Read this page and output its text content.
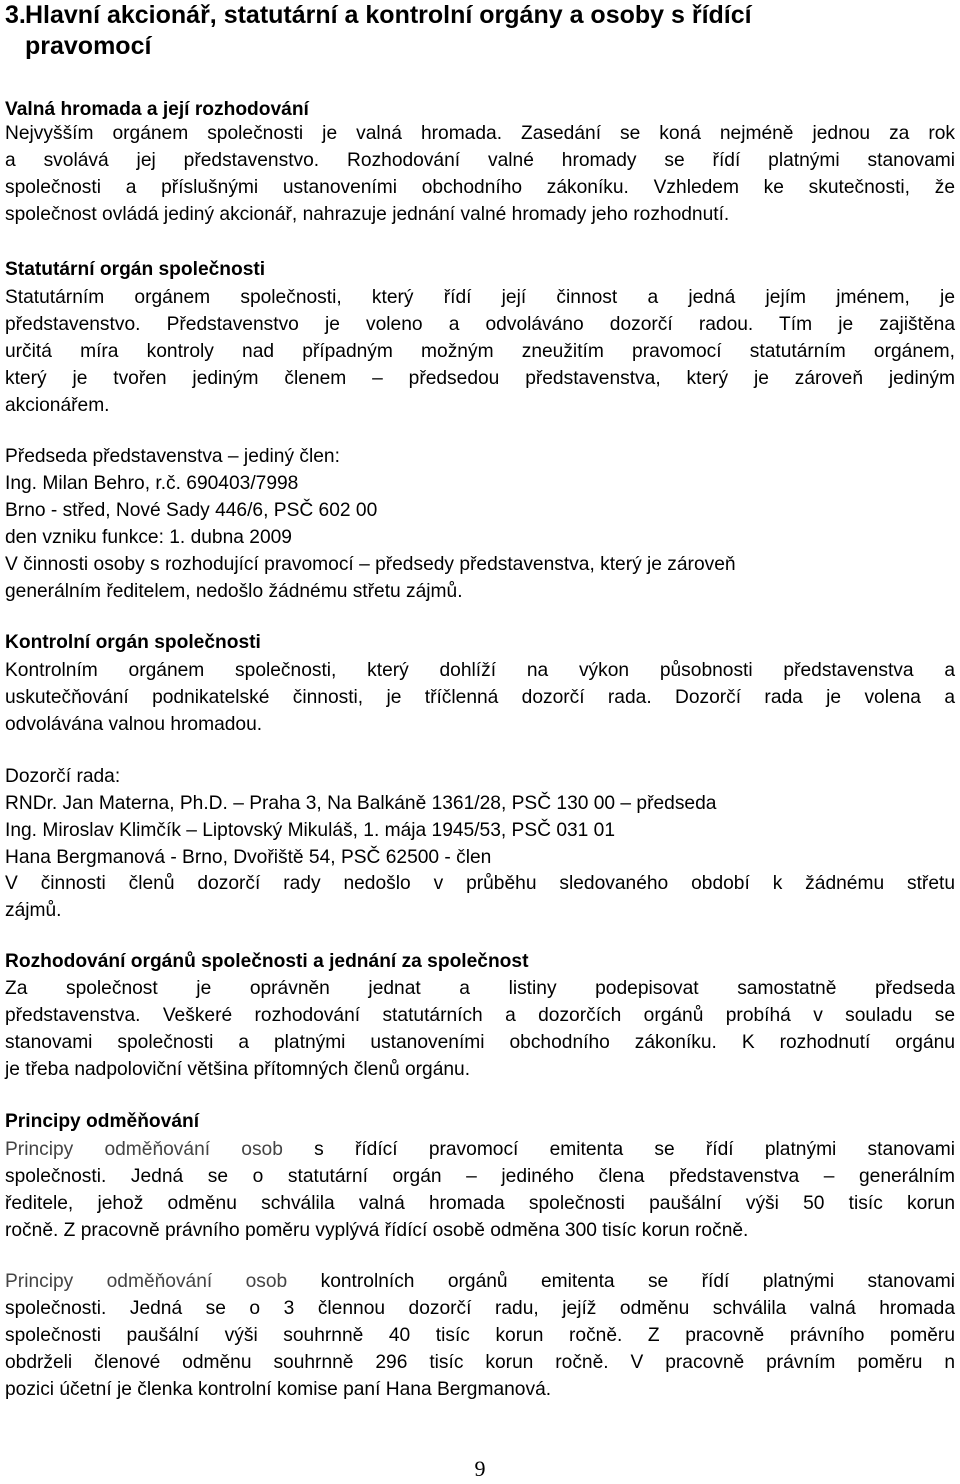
3.Hlavní akcionář, statutární a kontrolní orgány a osoby s řídící
pravomocí
Valná hromada a její rozhodování
Nejvyšším orgánem společnosti je valná hromada. Zasedání se koná nejméně jednou za rok
a svolává jej představenstvo. Rozhodování valné hromady se řídí platnými stanovami
společnosti a příslušnými ustanoveními obchodního zákoníku. Vzhledem ke skutečnosti, že
společnost ovládá jediný akcionář, nahrazuje jednání valné hromady jeho rozhodnutí.
Statutární orgán společnosti
Statutárním orgánem společnosti, který řídí její činnost a jedná jejím jménem, je
představenstvo. Představenstvo je voleno a odvoláváno dozorčí radou. Tím je zajištěna
určitá míra kontroly nad případným možným zneužitím pravomocí statutárním orgánem,
který je tvořen jediným členem – předsedou představenstva, který je zároveň jediným
akcionářem.
Předseda představenstva – jediný člen:
Ing. Milan Behro, r.č. 690403/7998
Brno - střed, Nové Sady 446/6, PSČ 602 00
den vzniku funkce: 1. dubna 2009
V činnosti osoby s rozhodující pravomocí – předsedy představenstva, který je zároveň
generálním ředitelem, nedošlo žádnému střetu zájmů.
Kontrolní orgán společnosti
Kontrolním orgánem společnosti, který dohlíží na výkon působnosti představenstva a
uskutečňování podnikatelské činnosti, je tříčlenná dozorčí rada. Dozorčí rada je volena a
odvolávána valnou hromadou.
Dozorčí rada:
RNDr. Jan Materna, Ph.D. – Praha 3, Na Balkáně 1361/28, PSČ 130 00 – předseda
Ing. Miroslav Klimčík – Liptovský Mikuláš, 1. mája 1945/53, PSČ 031 01
Hana Bergmanová - Brno, Dvořiště 54, PSČ 62500 - člen
V činnosti členů dozorčí rady nedošlo v průběhu sledovaného období k žádnému střetu
zájmů.
Rozhodování orgánů společnosti a jednání za společnost
Za společnost je oprávněn jednat a listiny podepisovat samostatně předseda
představenstva. Veškeré rozhodování statutárních a dozorčích orgánů probíhá v souladu se
stanovami společnosti a platnými ustanoveními obchodního zákoníku. K rozhodnutí orgánu
je třeba nadpoloviční většina přítomných členů orgánu.
Principy odměňování
Principy odměňování osob s řídící pravomocí emitenta se řídí platnými stanovami
společnosti. Jedná se o statutární orgán – jediného člena představenstva – generálním
ředitele, jehož odměnu schválila valná hromada společnosti paušální výši 50 tisíc korun
ročně. Z pracovně právního poměru vyplývá řídící osobě odměna 300 tisíc korun ročně.
Principy odměňování osob kontrolních orgánů emitenta se řídí platnými stanovami
společnosti. Jedná se o 3 člennou dozorčí radu, jejíž odměnu schválila valná hromada
společnosti paušální výši souhrnně 40 tisíc korun ročně. Z pracovně právního poměru
obdrželi členové odměnu souhrnně 296 tisíc korun ročně. V pracovně právním poměru n
pozici účetní je členka kontrolní komise paní Hana Bergmanová.
9
